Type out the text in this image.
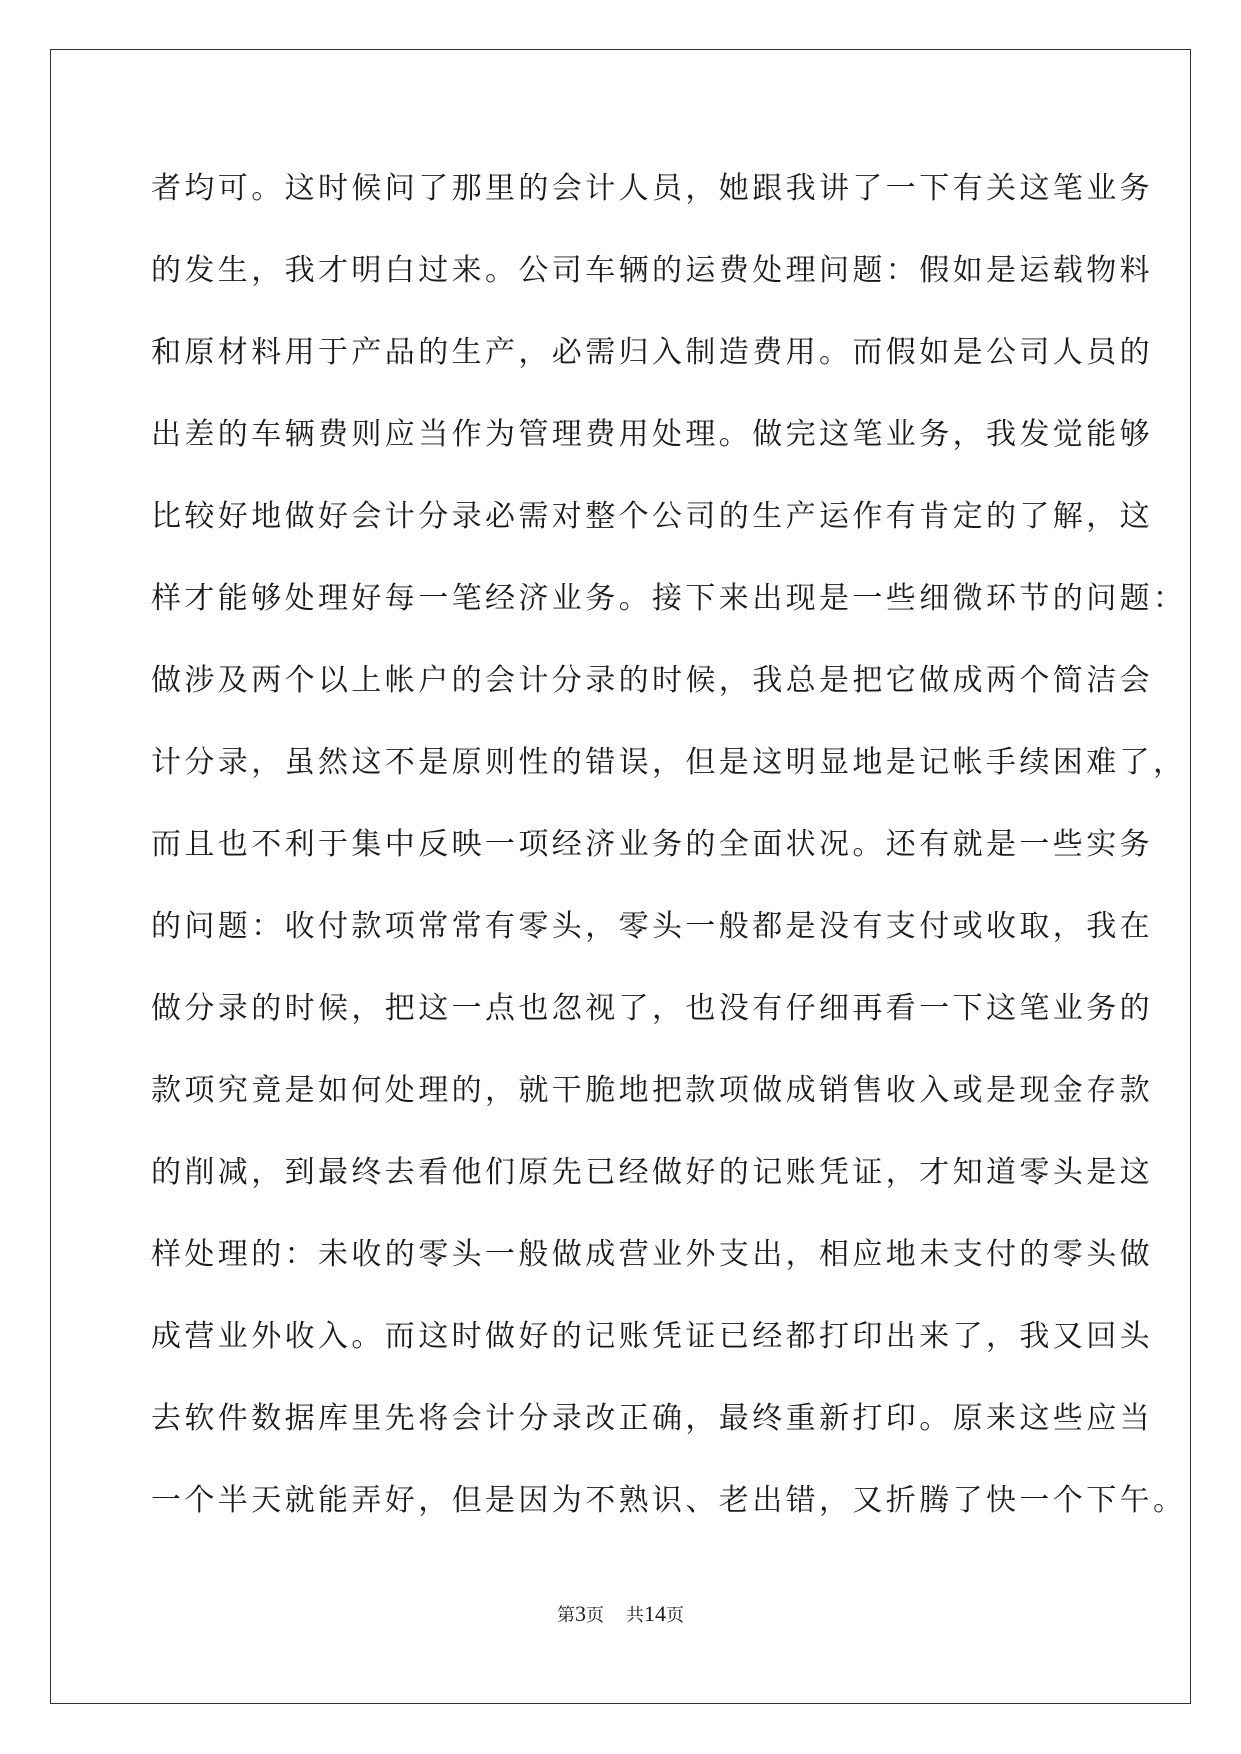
者均可。这时候问了那里的会计人员，她跟我讲了一下有关这笔业务
的发生，我才明白过来。公司车辆的运费处理问题：假如是运载物料
和原材料用于产品的生产，必需归入制造费用。而假如是公司人员的
出差的车辆费则应当作为管理费用处理。做完这笔业务，我发觉能够
比较好地做好会计分录必需对整个公司的生产运作有肯定的了解，这
样才能够处理好每一笔经济业务。接下来出现是一些细微环节的问题：
做涉及两个以上帐户的会计分录的时候，我总是把它做成两个简洁会
计分录，虽然这不是原则性的错误，但是这明显地是记帐手续困难了，
而且也不利于集中反映一项经济业务的全面状况。还有就是一些实务
的问题：收付款项常常有零头，零头一般都是没有支付或收取，我在
做分录的时候，把这一点也忽视了，也没有仔细再看一下这笔业务的
款项究竟是如何处理的，就干脆地把款项做成销售收入或是现金存款
的削减，到最终去看他们原先已经做好的记账凭证，才知道零头是这
样处理的：未收的零头一般做成营业外支出，相应地未支付的零头做
成营业外收入。而这时做好的记账凭证已经都打印出来了，我又回头
去软件数据库里先将会计分录改正确，最终重新打印。原来这些应当
一个半天就能弄好，但是因为不熟识、老出错，又折腾了快一个下午。
第3页 共14页
